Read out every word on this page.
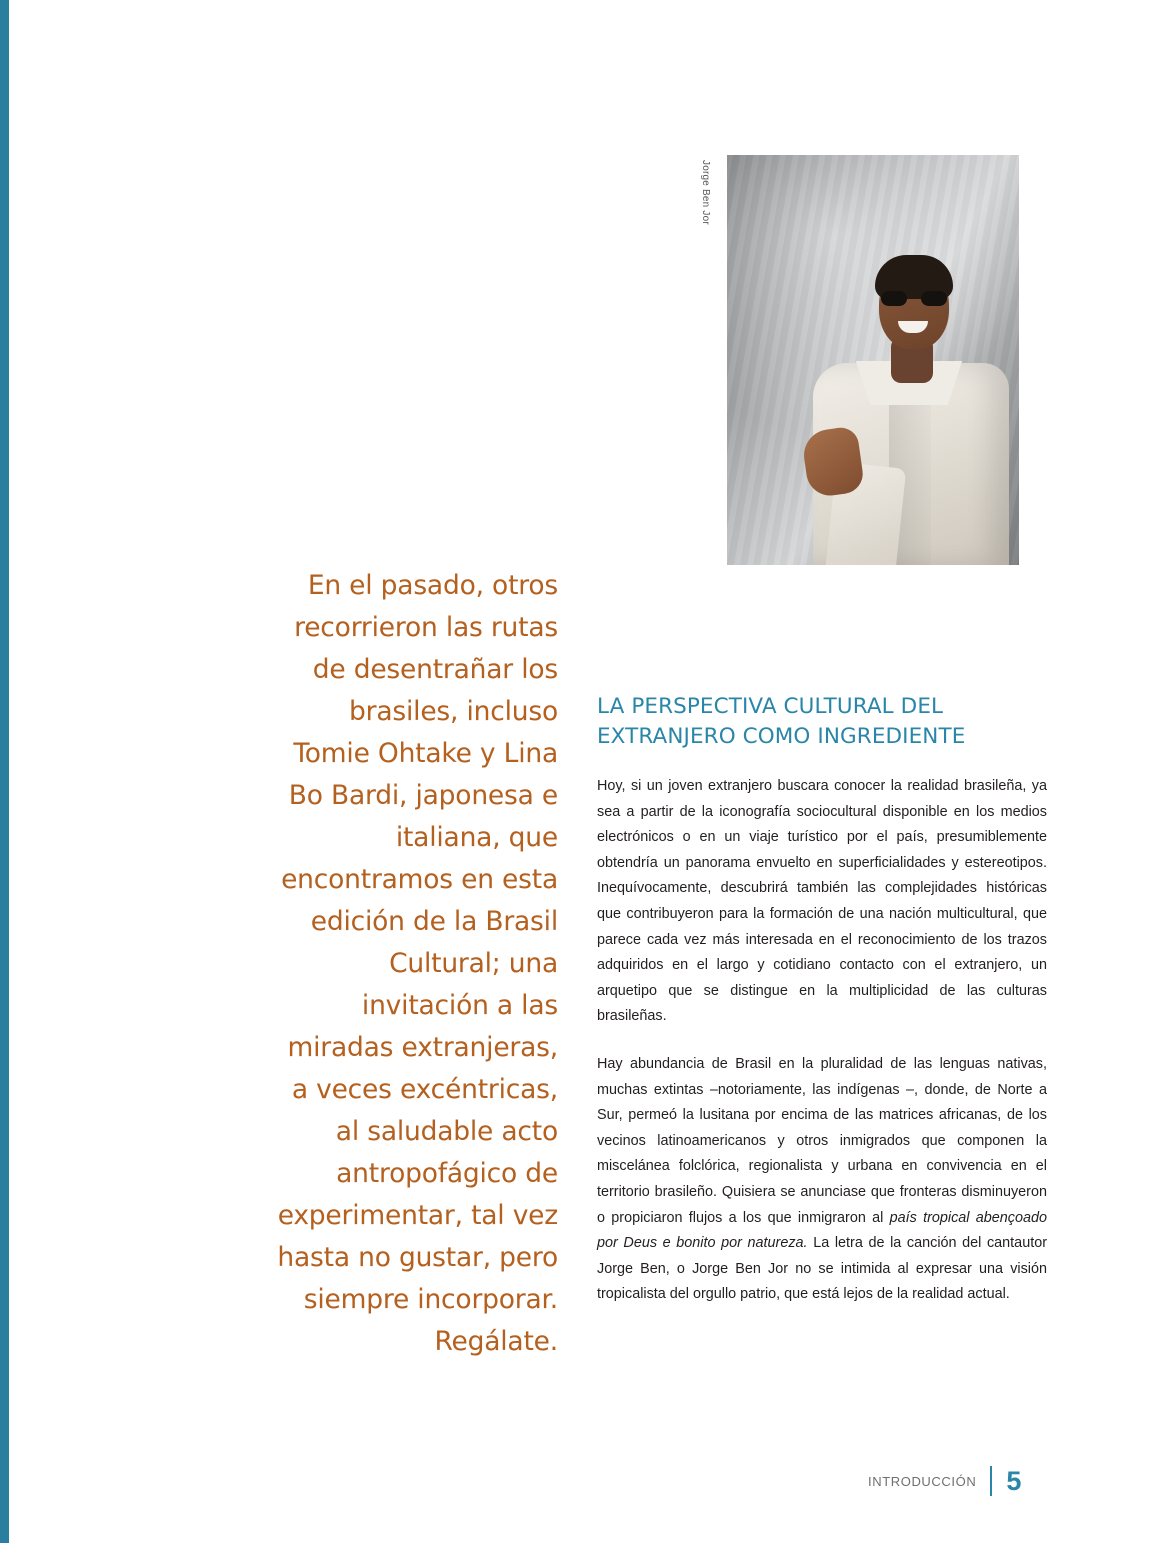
En el pasado, otros recorrieron las rutas de desentrañar los brasiles, incluso Tomie Ohtake y Lina Bo Bardi, japonesa e italiana, que encontramos en esta edición de la Brasil Cultural; una invitación a las miradas extranjeras, a veces excéntricas, al saludable acto antropofágico de experimentar, tal vez hasta no gustar, pero siempre incorporar. Regálate.
Jorge Ben Jor
LA PERSPECTIVA CULTURAL DEL EXTRANJERO COMO INGREDIENTE

Hoy, si un joven extranjero buscara conocer la realidad brasileña, ya sea a partir de la iconografía sociocultural disponible en los medios electrónicos o en un viaje turístico por el país, presumiblemente obtendría un panorama envuelto en superficialidades y estereotipos. Inequívocamente, descubrirá también las complejidades históricas que contribuyeron para la formación de una nación multicultural, que parece cada vez más interesada en el reconocimiento de los trazos adquiridos en el largo y cotidiano contacto con el extranjero, un arquetipo que se distingue en la multiplicidad de las culturas brasileñas.

Hay abundancia de Brasil en la pluralidad de las lenguas nativas, muchas extintas –notoriamente, las indígenas –, donde, de Norte a Sur, permeó la lusitana por encima de las matrices africanas, de los vecinos latinoamericanos y otros inmigrados que componen la miscelánea folclórica, regionalista y urbana en convivencia en el territorio brasileño. Quisiera se anunciase que fronteras disminuyeron o propiciaron flujos a los que inmigraron al país tropical abençoado por Deus e bonito por natureza. La letra de la canción del cantautor Jorge Ben, o Jorge Ben Jor no se intimida al expresar una visión tropicalista del orgullo patrio, que está lejos de la realidad actual.

INTRODUCCIÓN 5
